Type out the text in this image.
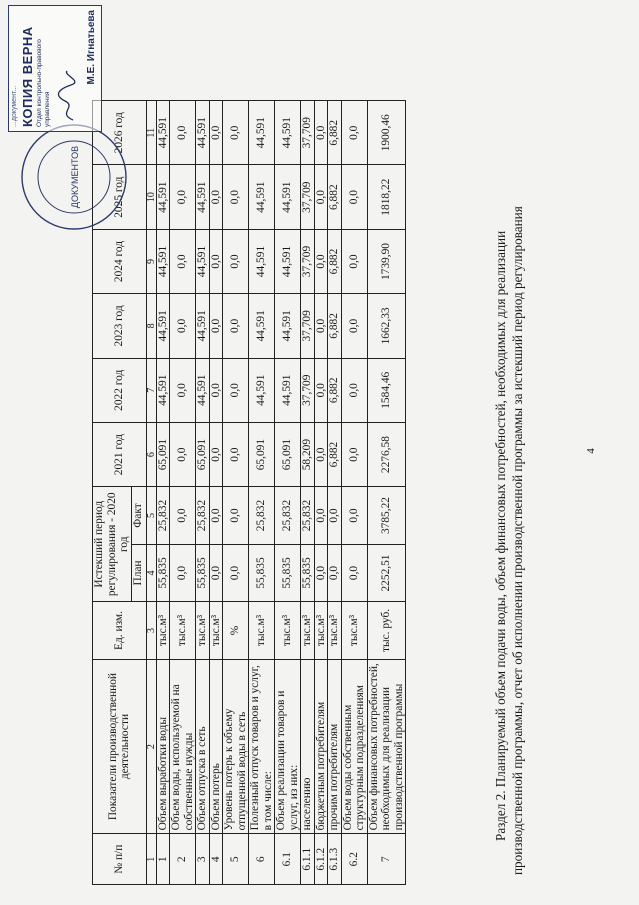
4
Раздел 2. Планируемый объем подачи воды, объем финансовых потребностей, необходимых для реализации производственной программы, отчет об исполнении производственной программы за истекший период регулирования
№ п/п	Показатели производственной деятельности	Ед. изм.	Истекший период регулирования - 2020 год		2021 год	2022 год	2023 год	2024 год	2025 год	2026 год
			План	Факт						
1	2	3	4	5	6	7	8	9	10	11
1	Объем выработки воды	тыс.м³	55,835	25,832	65,091	44,591	44,591	44,591	44,591	44,591
2	Объем воды, используемой на собственные нужды	тыс.м³	0,0	0,0	0,0	0,0	0,0	0,0	0,0	0,0
3	Объем отпуска в сеть	тыс.м³	55,835	25,832	65,091	44,591	44,591	44,591	44,591	44,591
4	Объем потерь	тыс.м³	0,0	0,0	0,0	0,0	0,0	0,0	0,0	0,0
5	Уровень потерь к объему отпущенной воды в сеть	%	0,0	0,0	0,0	0,0	0,0	0,0	0,0	0,0
6	Полезный отпуск товаров и услуг, в том числе:	тыс.м³	55,835	25,832	65,091	44,591	44,591	44,591	44,591	44,591
6.1	Объем реализации товаров и услуг, из них:	тыс.м³	55,835	25,832	65,091	44,591	44,591	44,591	44,591	44,591
6.1.1	населению	тыс.м³	55,835	25,832	58,209	37,709	37,709	37,709	37,709	37,709
6.1.2	бюджетным потребителям	тыс.м³	0,0	0,0	0,0	0,0	0,0	0,0	0,0	0,0
6.1.3	прочим потребителям	тыс.м³	0,0	0,0	6,882	6,882	6,882	6,882	6,882	6,882
6.2	Объем воды собственным структурным подразделениям	тыс.м³	0,0	0,0	0,0	0,0	0,0	0,0	0,0	0,0
7	Объем финансовых потребностей, необходимых для реализации производственной программы	тыс. руб.	2252,51	3785,22	2276,58	1584,46	1662,33	1739,90	1818,22	1900,46
ДОКУМЕНТОВ
...документ... КОПИЯ ВЕРНА Отдел контрольно-правового управления
М.Е. Игнатьева
